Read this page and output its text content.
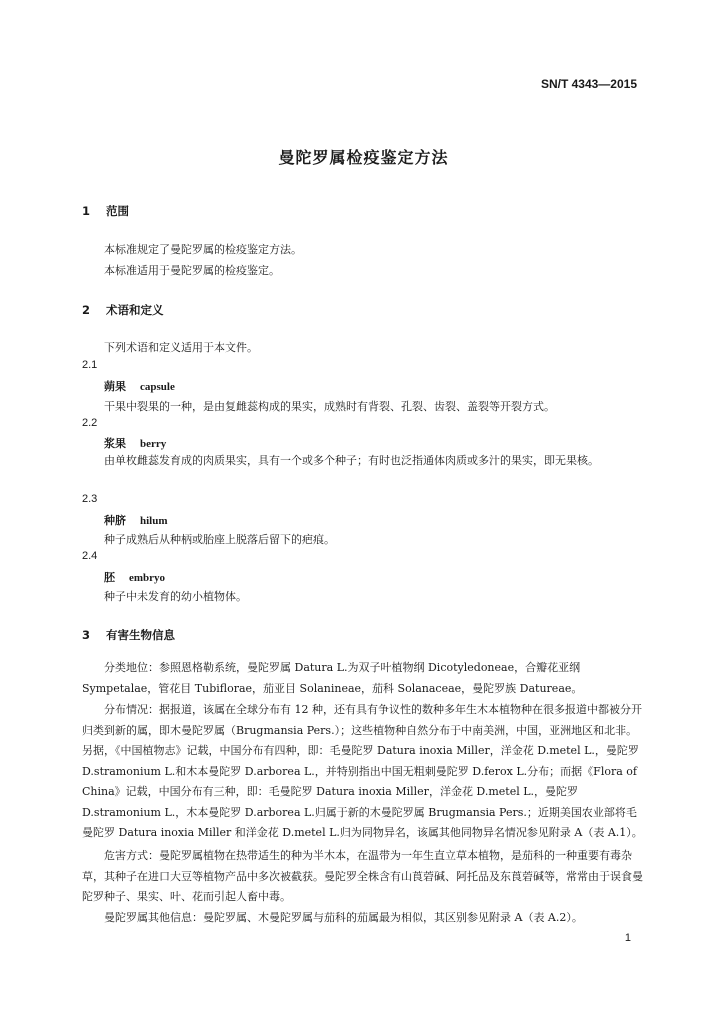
SN/T 4343—2015
曼陀罗属检疫鉴定方法
1 范围
本标准规定了曼陀罗属的检疫鉴定方法。
本标准适用于曼陀罗属的检疫鉴定。
2 术语和定义
下列术语和定义适用于本文件。
2.1
蒴果 capsule
干果中裂果的一种，是由复雌蕊构成的果实，成熟时有背裂、孔裂、齿裂、盖裂等开裂方式。
2.2
浆果 berry
由单枚雌蕊发育成的肉质果实，具有一个或多个种子；有时也泛指通体肉质或多汁的果实，即无果核。
2.3
种脐 hilum
种子成熟后从种柄或胎座上脱落后留下的疤痕。
2.4
胚 embryo
种子中未发育的幼小植物体。
3 有害生物信息
分类地位：参照恩格勒系统，曼陀罗属 Datura L.为双子叶植物纲 Dicotyledoneae，合瓣花亚纲 Sympetalae，管花目 Tubiflorae，茄亚目 Solanineae，茄科 Solanaceae，曼陀罗族 Datureae。
分布情况：据报道，该属在全球分布有 12 种，还有具有争议性的数种多年生木本植物种在很多报道中都被分开归类到新的属，即木曼陀罗属（Brugmansia Pers.）；这些植物种自然分布于中南美洲，中国，亚洲地区和北非。另据，《中国植物志》记载，中国分布有四种，即：毛曼陀罗 Datura inoxia Miller，洋金花 D.metel L.，曼陀罗 D.stramonium L.和木本曼陀罗 D.arborea L.，并特别指出中国无粗刺曼陀罗 D.ferox L.分布；而据《Flora of China》记载，中国分布有三种，即：毛曼陀罗 Datura inoxia Miller，洋金花 D.metel L.，曼陀罗 D.stramonium L.，木本曼陀罗 D.arborea L.归属于新的木曼陀罗属 Brugmansia Pers.；近期美国农业部将毛曼陀罗 Datura inoxia Miller 和洋金花 D.metel L.归为同物异名，该属其他同物异名情况参见附录 A（表 A.1）。
危害方式：曼陀罗属植物在热带适生的种为半木本，在温带为一年生直立草本植物，是茄科的一种重要有毒杂草，其种子在进口大豆等植物产品中多次被截获。曼陀罗全株含有山莨菪碱、阿托品及东莨菪碱等，常常由于误食曼陀罗种子、果实、叶、花而引起人畜中毒。
曼陀罗属其他信息：曼陀罗属、木曼陀罗属与茄科的茄属最为相似，其区别参见附录 A（表 A.2）。
1
